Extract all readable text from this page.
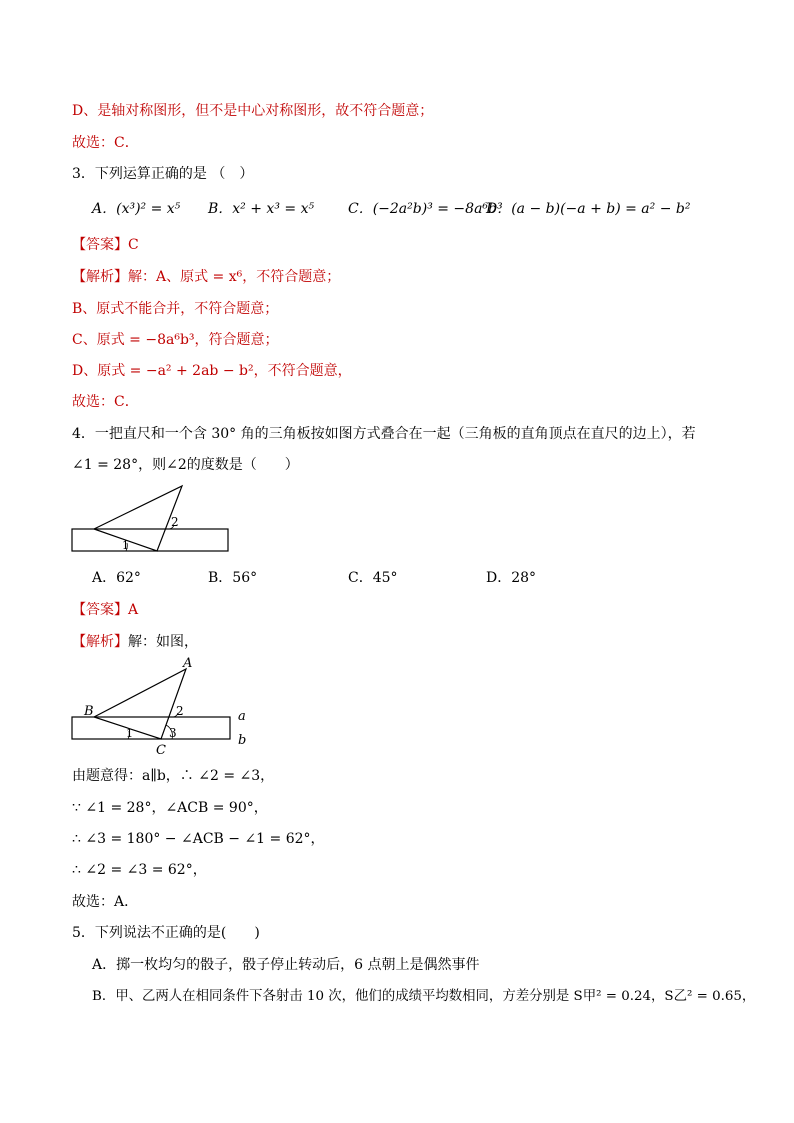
D、是轴对称图形，但不是中心对称图形，故不符合题意；
故选：C．
3．下列运算正确的是 （　）
A．(x³)² = x⁵ B．x² + x³ = x⁵ C．(−2a²b)³ = −8a⁶b³
D．(a − b)(−a + b) = a² − b²
【答案】C
【解析】解：A、原式 = x⁶，不符合题意；
B、原式不能合并，不符合题意；
C、原式 = −8a⁶b³，符合题意；
D、原式 = −a² + 2ab − b²，不符合题意，
故选：C．
4．一把直尺和一个含 30° 角的三角板按如图方式叠合在一起（三角板的直角顶点在直尺的边上），若
∠1 = 28°，则∠2的度数是（　　）
1
2
A．62°	B．56°	C．45°	D．28°
【答案】A
【解析】解：如图，
A
B
C
a
b
1
2
3
由题意得：a∥b，∴ ∠2 = ∠3，
∵ ∠1 = 28°，∠ACB = 90°，
∴ ∠3 = 180° − ∠ACB − ∠1 = 62°，
∴ ∠2 = ∠3 = 62°，
故选：A．
5．下列说法不正确的是(　　)
A．掷一枚均匀的骰子，骰子停止转动后，6 点朝上是偶然事件
B．甲、乙两人在相同条件下各射击 10 次，他们的成绩平均数相同，方差分别是 S甲² = 0.24，S乙² = 0.65，
